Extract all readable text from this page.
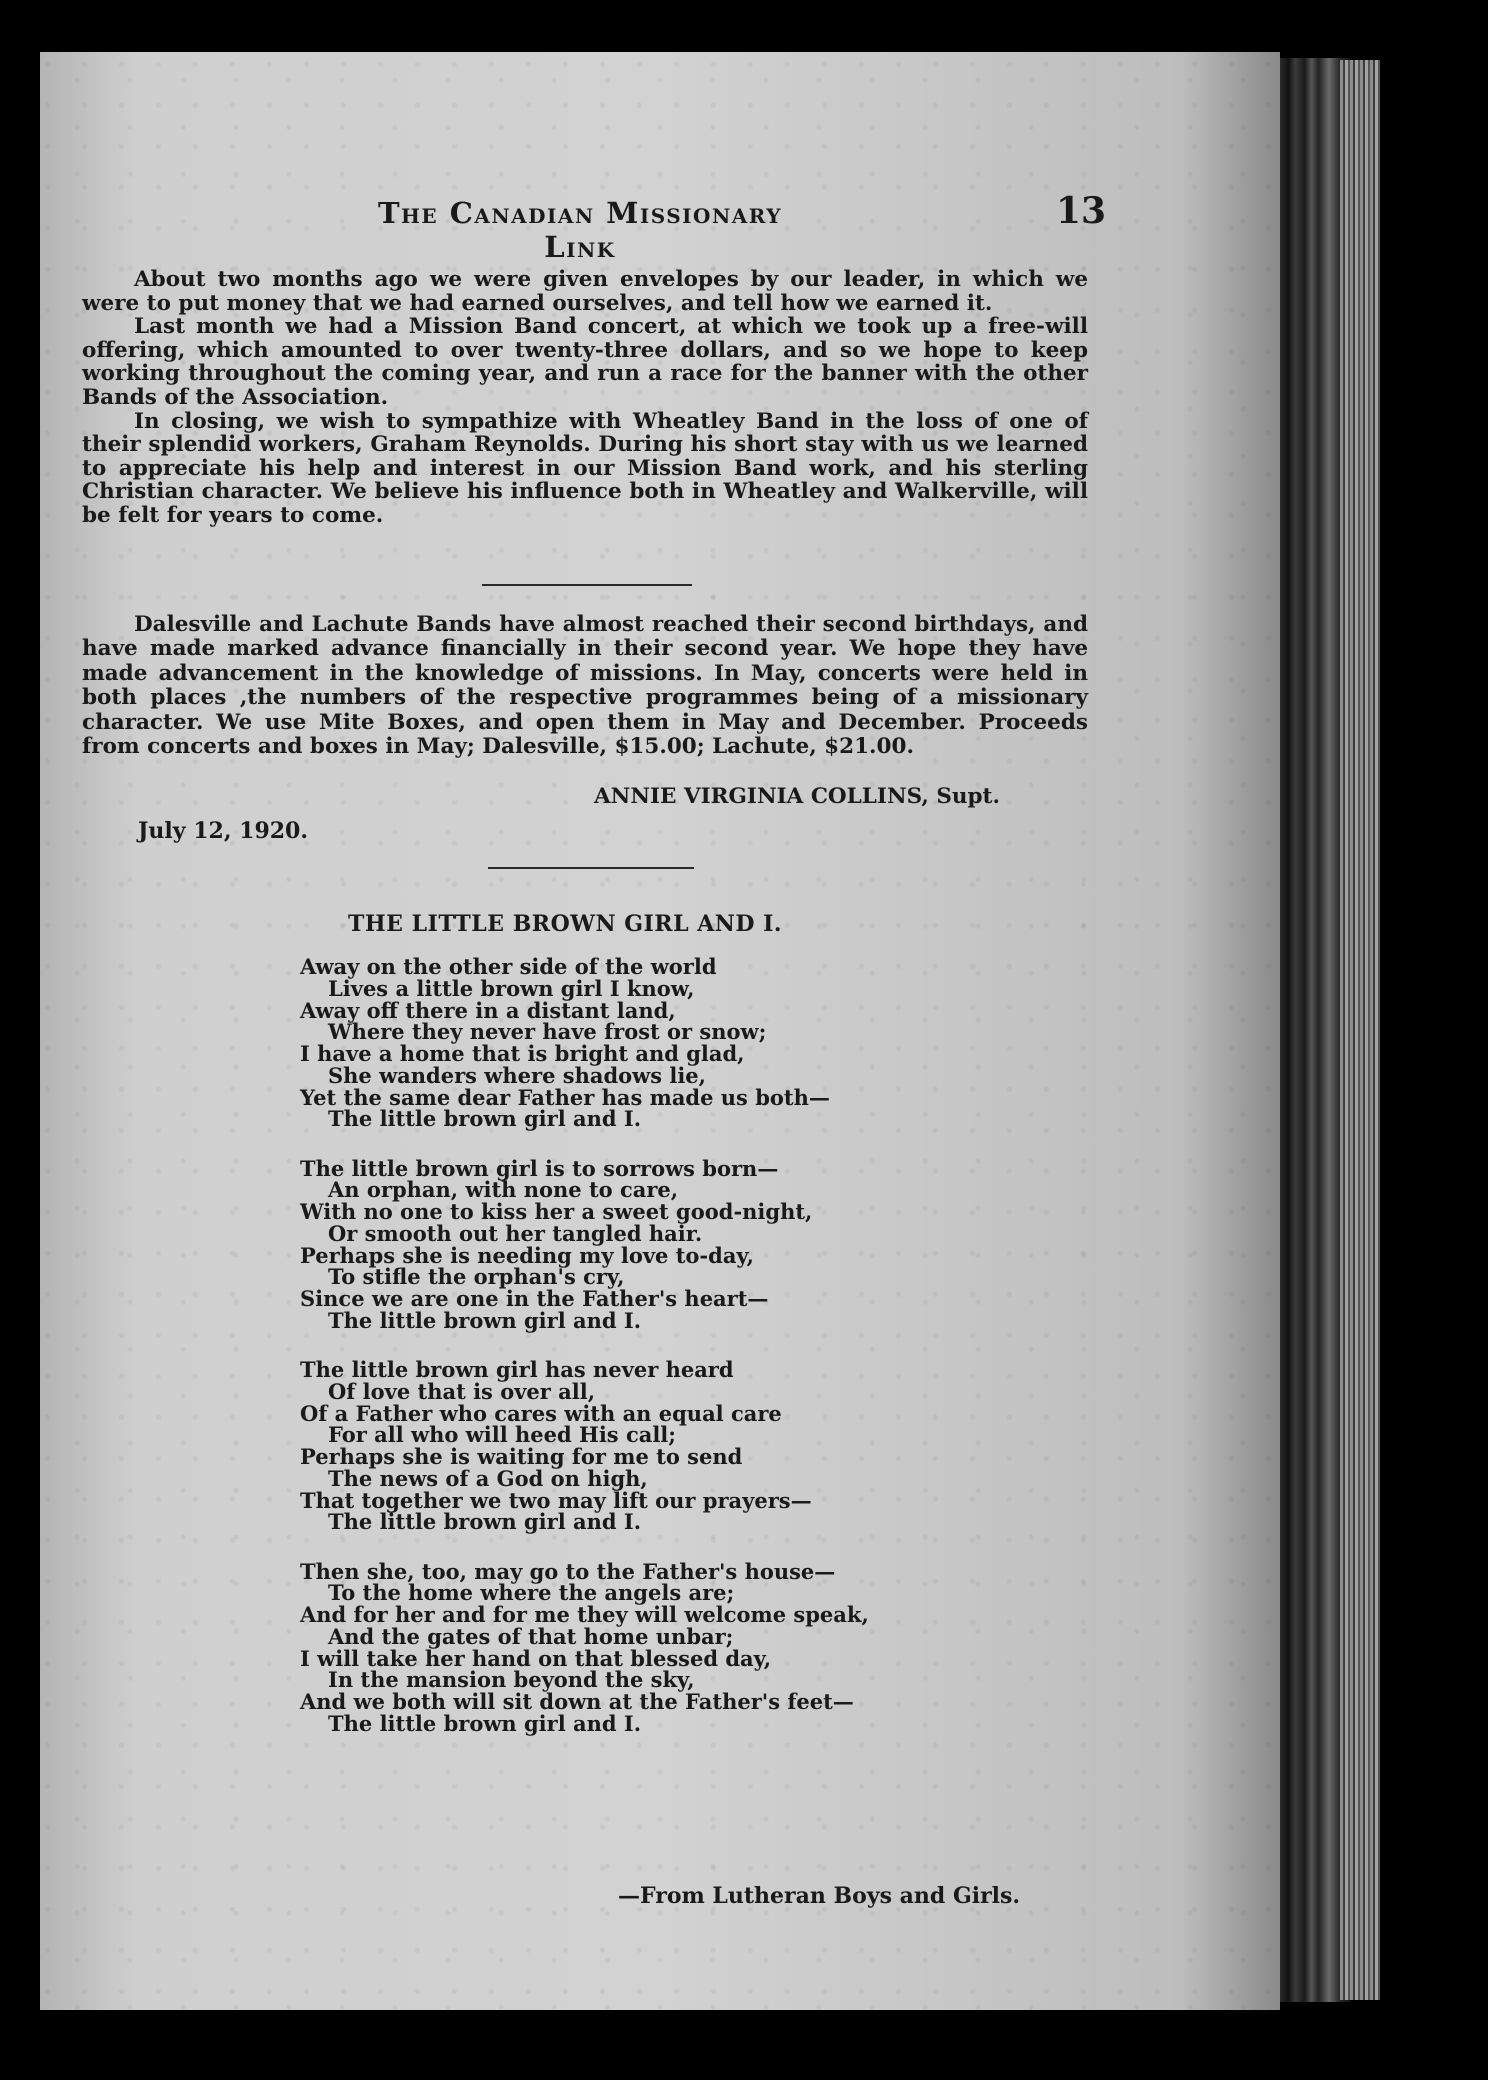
The Canadian Missionary Link
13

About two months ago we were given envelopes by our leader, in which we were to put money that we had earned ourselves, and tell how we earned it.

Last month we had a Mission Band concert, at which we took up a free-will offering, which amounted to over twenty-three dollars, and so we hope to keep working throughout the coming year, and run a race for the banner with the other Bands of the Association.

In closing, we wish to sympathize with Wheatley Band in the loss of one of their splendid workers, Graham Reynolds. During his short stay with us we learned to appreciate his help and interest in our Mission Band work, and his sterling Christian character. We believe his influence both in Wheatley and Walkerville, will be felt for years to come.

Dalesville and Lachute Bands have almost reached their second birthdays, and have made marked advance financially in their second year. We hope they have made advancement in the knowledge of missions. In May, concerts were held in both places ,the numbers of the respective programmes being of a missionary character. We use Mite Boxes, and open them in May and December. Proceeds from concerts and boxes in May; Dalesville, $15.00; Lachute, $21.00.

ANNIE VIRGINIA COLLINS, Supt.
July 12, 1920.
THE LITTLE BROWN GIRL AND I.
Away on the other side of the world
Lives a little brown girl I know,
Away off there in a distant land,
Where they never have frost or snow;
I have a home that is bright and glad,
She wanders where shadows lie,
Yet the same dear Father has made us both—
The little brown girl and I.
The little brown girl is to sorrows born—
An orphan, with none to care,
With no one to kiss her a sweet good-night,
Or smooth out her tangled hair.
Perhaps she is needing my love to-day,
To stifle the orphan's cry,
Since we are one in the Father's heart—
The little brown girl and I.
The little brown girl has never heard
Of love that is over all,
Of a Father who cares with an equal care
For all who will heed His call;
Perhaps she is waiting for me to send
The news of a God on high,
That together we two may lift our prayers—
The little brown girl and I.
Then she, too, may go to the Father's house—
To the home where the angels are;
And for her and for me they will welcome speak,
And the gates of that home unbar;
I will take her hand on that blessed day,
In the mansion beyond the sky,
And we both will sit down at the Father's feet—
The little brown girl and I.
—From Lutheran Boys and Girls.
